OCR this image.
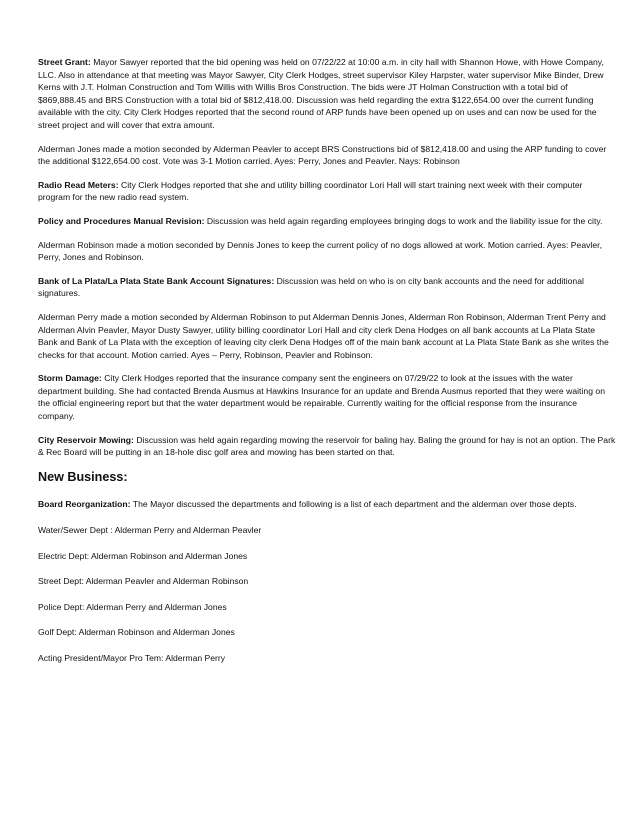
Street Grant: Mayor Sawyer reported that the bid opening was held on 07/22/22 at 10:00 a.m. in city hall with Shannon Howe, with Howe Company, LLC. Also in attendance at that meeting was Mayor Sawyer, City Clerk Hodges, street supervisor Kiley Harpster, water supervisor Mike Binder, Drew Kerns with J.T. Holman Construction and Tom Willis with Willis Bros Construction. The bids were JT Holman Construction with a total bid of $869,888.45 and BRS Construction with a total bid of $812,418.00. Discussion was held regarding the extra $122,654.00 over the current funding available with the city. City Clerk Hodges reported that the second round of ARP funds have been opened up on uses and can now be used for the street project and will cover that extra amount.

Alderman Jones made a motion seconded by Alderman Peavler to accept BRS Constructions bid of $812,418.00 and using the ARP funding to cover the additional $122,654.00 cost. Vote was 3-1 Motion carried. Ayes: Perry, Jones and Peavler. Nays: Robinson

Radio Read Meters: City Clerk Hodges reported that she and utility billing coordinator Lori Hall will start training next week with their computer program for the new radio read system.

Policy and Procedures Manual Revision: Discussion was held again regarding employees bringing dogs to work and the liability issue for the city.

Alderman Robinson made a motion seconded by Dennis Jones to keep the current policy of no dogs allowed at work. Motion carried. Ayes: Peavler, Perry, Jones and Robinson.

Bank of La Plata/La Plata State Bank Account Signatures: Discussion was held on who is on city bank accounts and the need for additional signatures.

Alderman Perry made a motion seconded by Alderman Robinson to put Alderman Dennis Jones, Alderman Ron Robinson, Alderman Trent Perry and Alderman Alvin Peavler, Mayor Dusty Sawyer, utility billing coordinator Lori Hall and city clerk Dena Hodges on all bank accounts at La Plata State Bank and Bank of La Plata with the exception of leaving city clerk Dena Hodges off of the main bank account at La Plata State Bank as she writes the checks for that account. Motion carried. Ayes – Perry, Robinson, Peavler and Robinson.

Storm Damage: City Clerk Hodges reported that the insurance company sent the engineers on 07/29/22 to look at the issues with the water department building. She had contacted Brenda Ausmus at Hawkins Insurance for an update and Brenda Ausmus reported that they were waiting on the official engineering report but that the water department would be repairable. Currently waiting for the official response from the insurance company.

City Reservoir Mowing: Discussion was held again regarding mowing the reservoir for baling hay. Baling the ground for hay is not an option. The Park & Rec Board will be putting in an 18-hole disc golf area and mowing has been started on that.

New Business:

Board Reorganization: The Mayor discussed the departments and following is a list of each department and the alderman over those depts.

Water/Sewer Dept : Alderman Perry and Alderman Peavler
Electric Dept: Alderman Robinson and Alderman Jones
Street Dept: Alderman Peavler and Alderman Robinson
Police Dept: Alderman Perry and Alderman Jones
Golf Dept: Alderman Robinson and Alderman Jones
Acting President/Mayor Pro Tem: Alderman Perry
